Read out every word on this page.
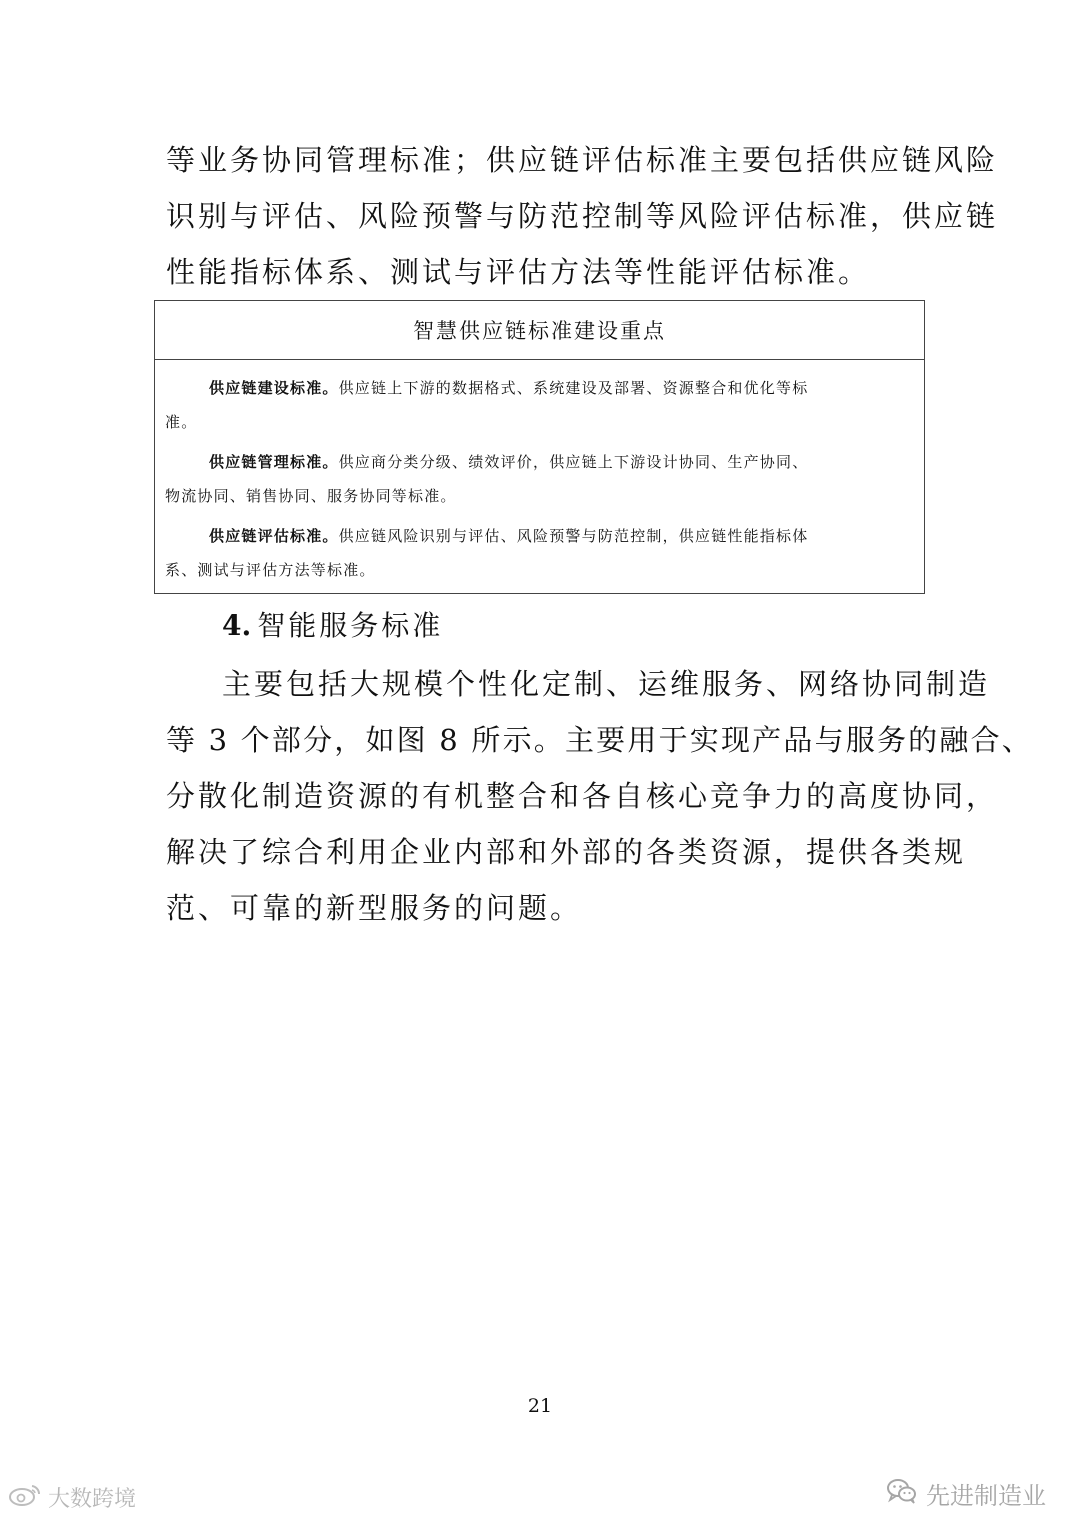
等业务协同管理标准；供应链评估标准主要包括供应链风险
识别与评估、风险预警与防范控制等风险评估标准，供应链
性能指标体系、测试与评估方法等性能评估标准。
智慧供应链标准建设重点
供应链建设标准。供应链上下游的数据格式、系统建设及部署、资源整合和优化等标
准。
供应链管理标准。供应商分类分级、绩效评价，供应链上下游设计协同、生产协同、
物流协同、销售协同、服务协同等标准。
供应链评估标准。供应链风险识别与评估、风险预警与防范控制，供应链性能指标体
系、测试与评估方法等标准。
4. 智能服务标准
主要包括大规模个性化定制、运维服务、网络协同制造
等 3 个部分，如图 8 所示。主要用于实现产品与服务的融合、
分散化制造资源的有机整合和各自核心竞争力的高度协同，
解决了综合利用企业内部和外部的各类资源，提供各类规
范、可靠的新型服务的问题。
21
大数跨境	先进制造业
